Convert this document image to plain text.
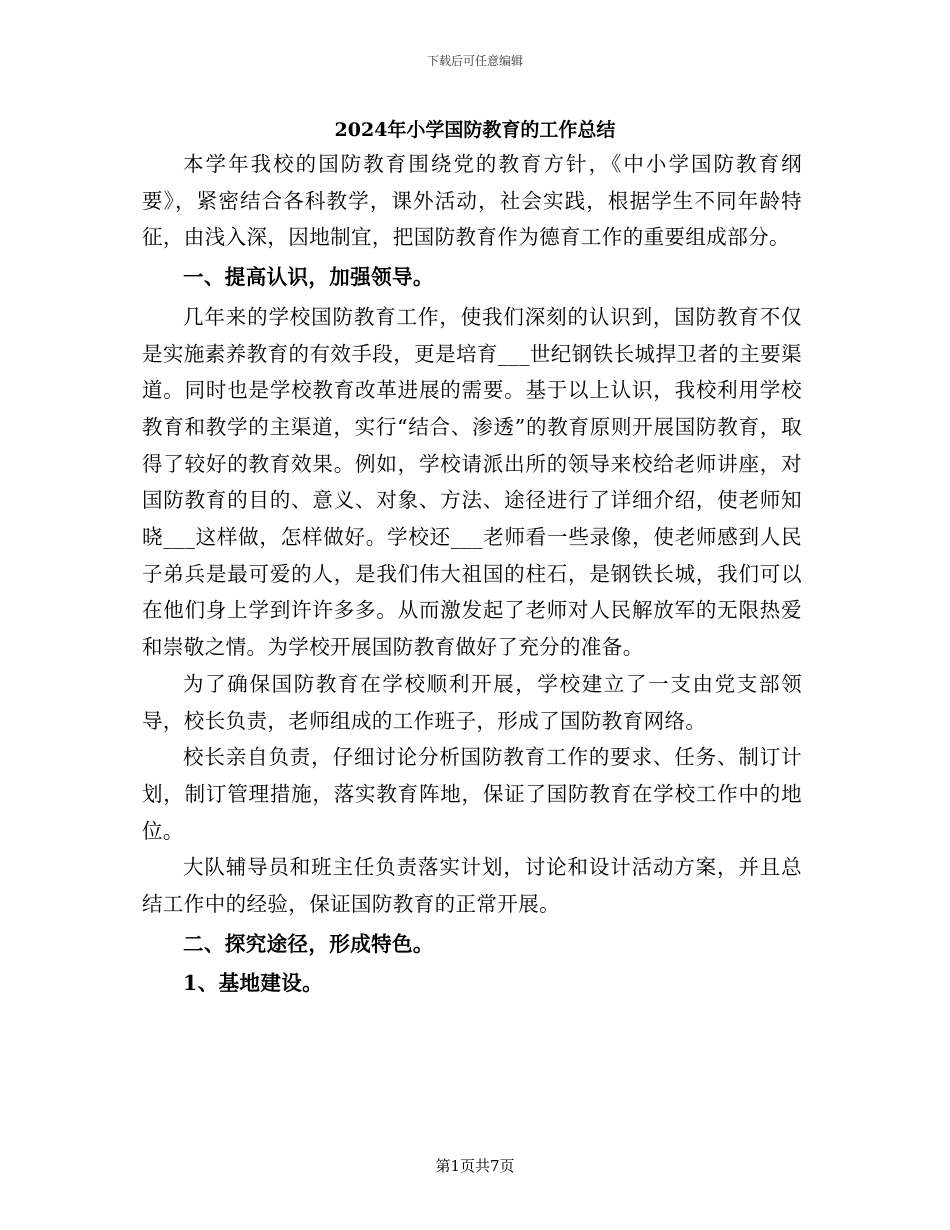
下载后可任意编辑
2024年小学国防教育的工作总结

本学年我校的国防教育围绕党的教育方针，《中小学国防教育纲要》，紧密结合各科教学，课外活动，社会实践，根据学生不同年龄特征，由浅入深，因地制宜，把国防教育作为德育工作的重要组成部分。

一、提高认识，加强领导。

几年来的学校国防教育工作，使我们深刻的认识到，国防教育不仅是实施素养教育的有效手段，更是培育___世纪钢铁长城捍卫者的主要渠道。同时也是学校教育改革进展的需要。基于以上认识，我校利用学校教育和教学的主渠道，实行“结合、渗透”的教育原则开展国防教育，取得了较好的教育效果。例如，学校请派出所的领导来校给老师讲座，对国防教育的目的、意义、对象、方法、途径进行了详细介绍，使老师知晓___这样做，怎样做好。学校还___老师看一些录像，使老师感到人民子弟兵是最可爱的人，是我们伟大祖国的柱石，是钢铁长城，我们可以在他们身上学到许许多多。从而激发起了老师对人民解放军的无限热爱和崇敬之情。为学校开展国防教育做好了充分的准备。

为了确保国防教育在学校顺利开展，学校建立了一支由党支部领导，校长负责，老师组成的工作班子，形成了国防教育网络。

校长亲自负责，仔细讨论分析国防教育工作的要求、任务、制订计划，制订管理措施，落实教育阵地，保证了国防教育在学校工作中的地位。

大队辅导员和班主任负责落实计划，讨论和设计活动方案，并且总结工作中的经验，保证国防教育的正常开展。

二、探究途径，形成特色。

1、基地建设。

第1页共7页
